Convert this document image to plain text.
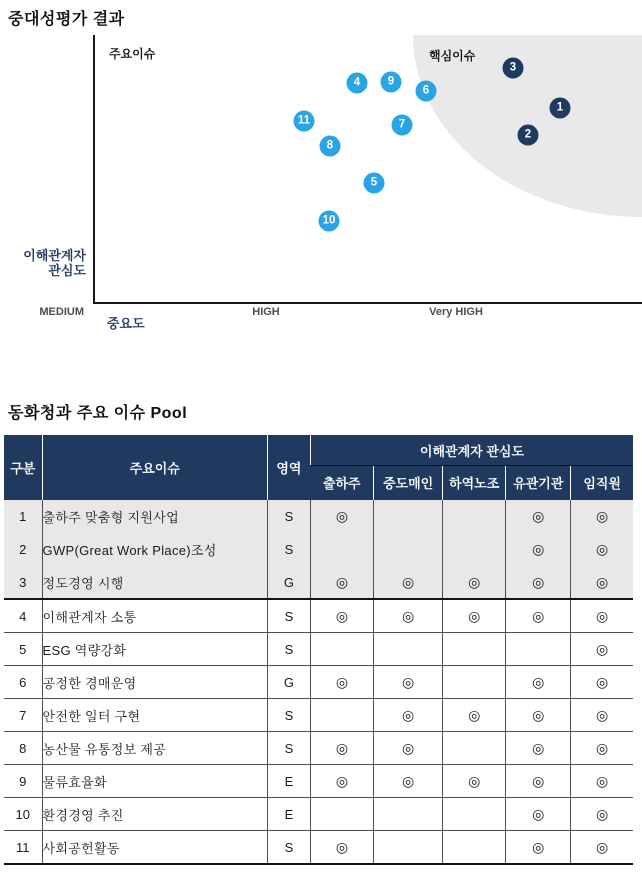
중대성평가 결과
주요이슈	핵심이슈
1
2
3
4
5
6
7
8
9
10
11
이해관계자
관심도
MEDIUM	HIGH	Very HIGH
중요도
동화청과 주요 이슈 Pool
구분	주요이슈	영역	이해관계자 관심도				
			출하주	중도매인	하역노조	유관기관	임직원
1	출하주 맞춤형 지원사업	S	◎			◎	◎
2	GWP(Great Work Place)조성	S				◎	◎
3	정도경영 시행	G	◎	◎	◎	◎	◎
4	이해관계자 소통	S	◎	◎	◎	◎	◎
5	ESG 역량강화	S					◎
6	공정한 경매운영	G	◎	◎		◎	◎
7	안전한 일터 구현	S		◎	◎	◎	◎
8	농산물 유통정보 제공	S	◎	◎		◎	◎
9	물류효율화	E	◎	◎	◎	◎	◎
10	환경경영 추진	E				◎	◎
11	사회공헌활동	S	◎			◎	◎
